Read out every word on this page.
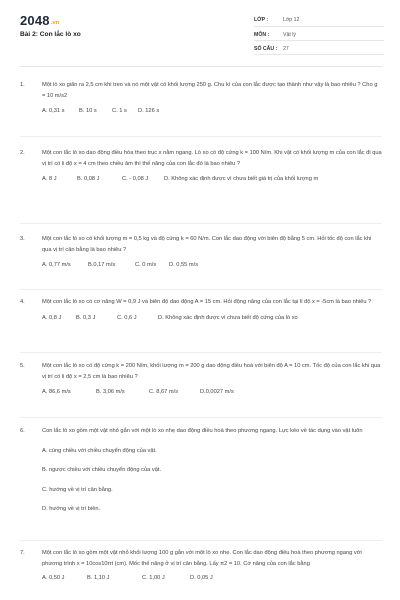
2048.vn
Bài 2: Con lắc lò xo
LỚP :	Lớp 12
MÔN :	Vật lý
SỐ CÂU : 27
1.	Một lò xo giãn ra 2,5 cm khi treo và nó một vật có khối lượng 250 g. Chu kì của con lắc được tạo thành như vậy là bao nhiêu ? Cho g = 10 m/s2
A. 0,31 s	B. 10 s	C. 1 s D. 126 s
2.	Một con lắc lò xo dao động điều hòa theo trục x nằm ngang. Lò xo có độ cứng k = 100 N/m. Khi vật có khối lượng m của con lắc đi qua vị trí có li độ x = 4 cm theo chiều âm thì thế năng của con lắc đó là bao nhiêu ?
A. 8 J	B. 0,08 J	C. - 0,08 J	D. Không xác định được vì chưa biết giá trị của khối lượng m
3.	Một con lắc lò xo có khối lượng m = 0,5 kg và độ cứng k = 60 N/m. Con lắc dao động với biên độ bằng 5 cm. Hỏi tốc độ con lắc khi qua vị trí cân bằng là bao nhiêu ?
A. 0,77 m/s	B.0,17 m/s	C. 0 m/s D. 0,55 m/s
4.	Một con lắc lò xo có cơ năng W = 0,9 J và biên độ dao động A = 15 cm. Hỏi động năng của con lắc tại li độ x = -5cm là bao nhiêu ?
A. 0,8 J	B. 0,3 J	C. 0,6 J	D. Không xác định được vì chưa biết độ cứng của lò xo
5.	Một con lắc lò xo có độ cứng k = 200 N/m, khối lượng m = 200 g dao động điều hoà với biên độ A = 10 cm. Tốc độ của con lắc khi qua vị trí có li độ x = 2,5 cm là bao nhiêu ?
A. 86,6 m/s	B. 3,06 m/s	C. 8,67 m/s	D.0,0027 m/s
6.	Con lắc lò xo gồm một vật nhỏ gắn với một lò xo nhẹ dao động điều hoà theo phương ngang. Lực kéo về tác dụng vào vật luôn
A. cùng chiều với chiều chuyển động của vật.
B. ngược chiều với chiều chuyển động của vật.
C. hướng về vị trí cân bằng.
D. hướng về vị trí biên.
7.	Một con lắc lò xo gồm một vật nhỏ khối lượng 100 g gắn với một lò xo nhẹ. Con lắc dao động điều hoà theo phương ngang với phương trình x = 10cos10πt (cm). Mốc thế năng ở vị trí cân bằng. Lấy π2 = 10. Cơ năng của con lắc bằng
A. 0,50 J	B. 1,10 J	C. 1,00 J	D. 0,05 J
